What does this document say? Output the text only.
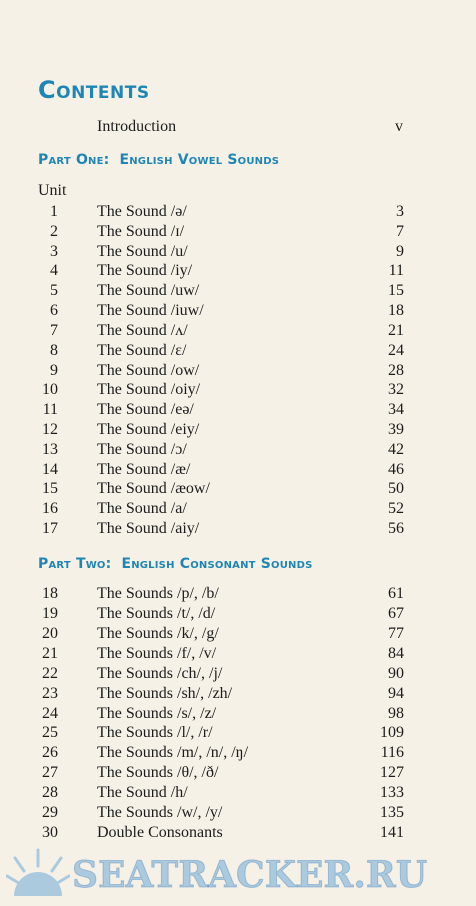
Contents
Introduction	v
Part One: English Vowel Sounds
Unit
1 The Sound /ə/	3
2 The Sound /ɪ/	7
3 The Sound /u/	9
4 The Sound /iy/	11
5 The Sound /uw/	15
6 The Sound /iuw/	18
7 The Sound /ʌ/	21
8 The Sound /ɛ/	24
9 The Sound /ow/	28
10 The Sound /oiy/	32
11 The Sound /eə/	34
12 The Sound /eiy/	39
13 The Sound /ɔ/	42
14 The Sound /æ/	46
15 The Sound /æow/	50
16 The Sound /a/	52
17 The Sound /aiy/	56
Part Two: English Consonant Sounds
18 The Sounds /p/, /b/	61
19 The Sounds /t/, /d/	67
20 The Sounds /k/, /g/	77
21 The Sounds /f/, /v/	84
22 The Sounds /ch/, /j/	90
23 The Sounds /sh/, /zh/	94
24 The Sounds /s/, /z/	98
25 The Sounds /l/, /r/	109
26 The Sounds /m/, /n/, /ŋ/	116
27 The Sounds /θ/, /ð/	127
28 The Sound /h/	133
29 The Sounds /w/, /y/	135
30 Double Consonants	141
SEATRACKER.RU
